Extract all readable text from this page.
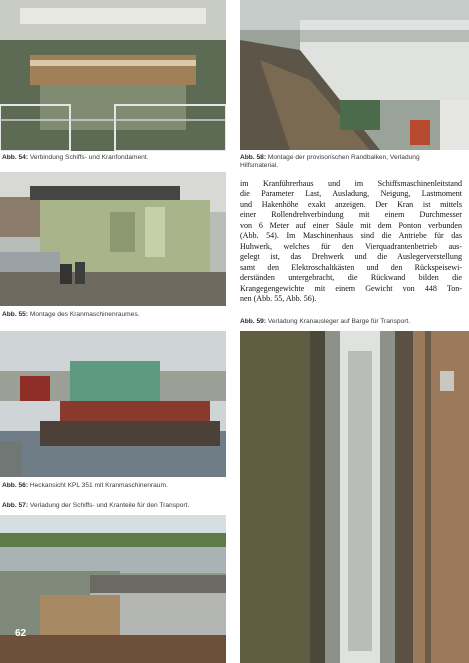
Abb. 54: Verbindung Schiffs- und Kranfondament.	Abb. 58: Montage der provisorischen Randbalken, Verladung
Hilfsmaterial.
Abb. 55: Montage des Kranmaschinenraumes.
im Kranführerhaus und im Schiffsmaschinenleitstand
die Parameter Last, Ausladung, Neigung, Lastmoment
und Hakenhöhe exakt anzeigen. Der Kran ist mittels
einer Rollendrehverbindung mit einem Durchmesser
von 6 Meter auf einer Säule mit dem Ponton verbunden
(Abb. 54). Im Maschinenhaus sind die Antriebe für das
Huhwerk, welches für den Vierquadrantenbetrieb aus-
gelegt ist, das Drehwerk und die Auslegerverstellung
samt den Elektroschaltkästen und den Rückspeisewi-
derständen untergebracht, die Rückwand bilden die
Krangegengewichte mit einem Gewicht von 448 Ton-
nen (Abb. 55, Abb. 56).
Abb. 59: Verladung Kranausleger auf Barge für Transport.
Abb. 56: Heckansicht KPL 351 mit Kranmaschinenraum.
Abb. 57: Verladung der Schiffs- und Kranteile für den Transport.
62
